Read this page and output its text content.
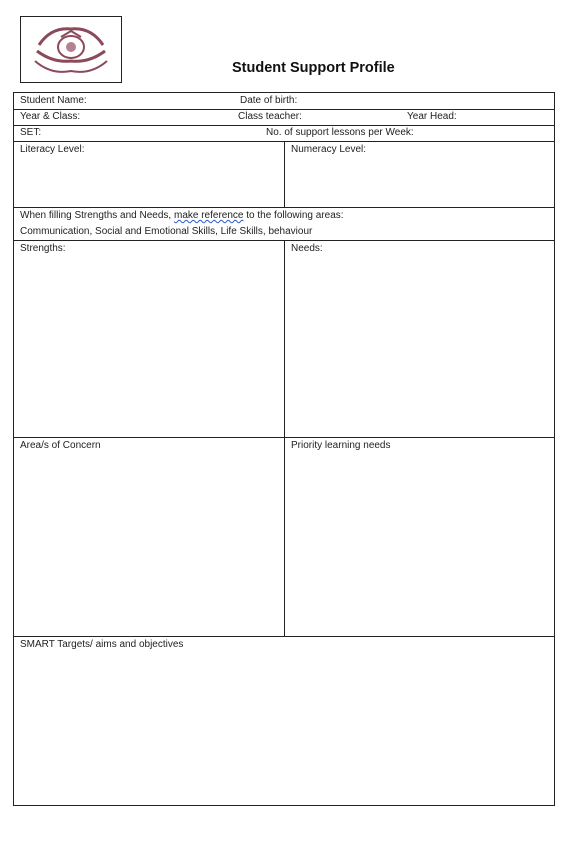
Student Support Profile
Student Name:	Date of birth:
Year & Class:	Class teacher:	Year Head:
SET:	No. of support lessons per Week:
Literacy Level:	Numeracy Level:
When filling Strengths and Needs, make reference to the following areas:
Communication, Social and Emotional Skills, Life Skills, behaviour
Strengths:	Needs:
Area/s of Concern	Priority learning needs
SMART Targets/ aims and objectives
